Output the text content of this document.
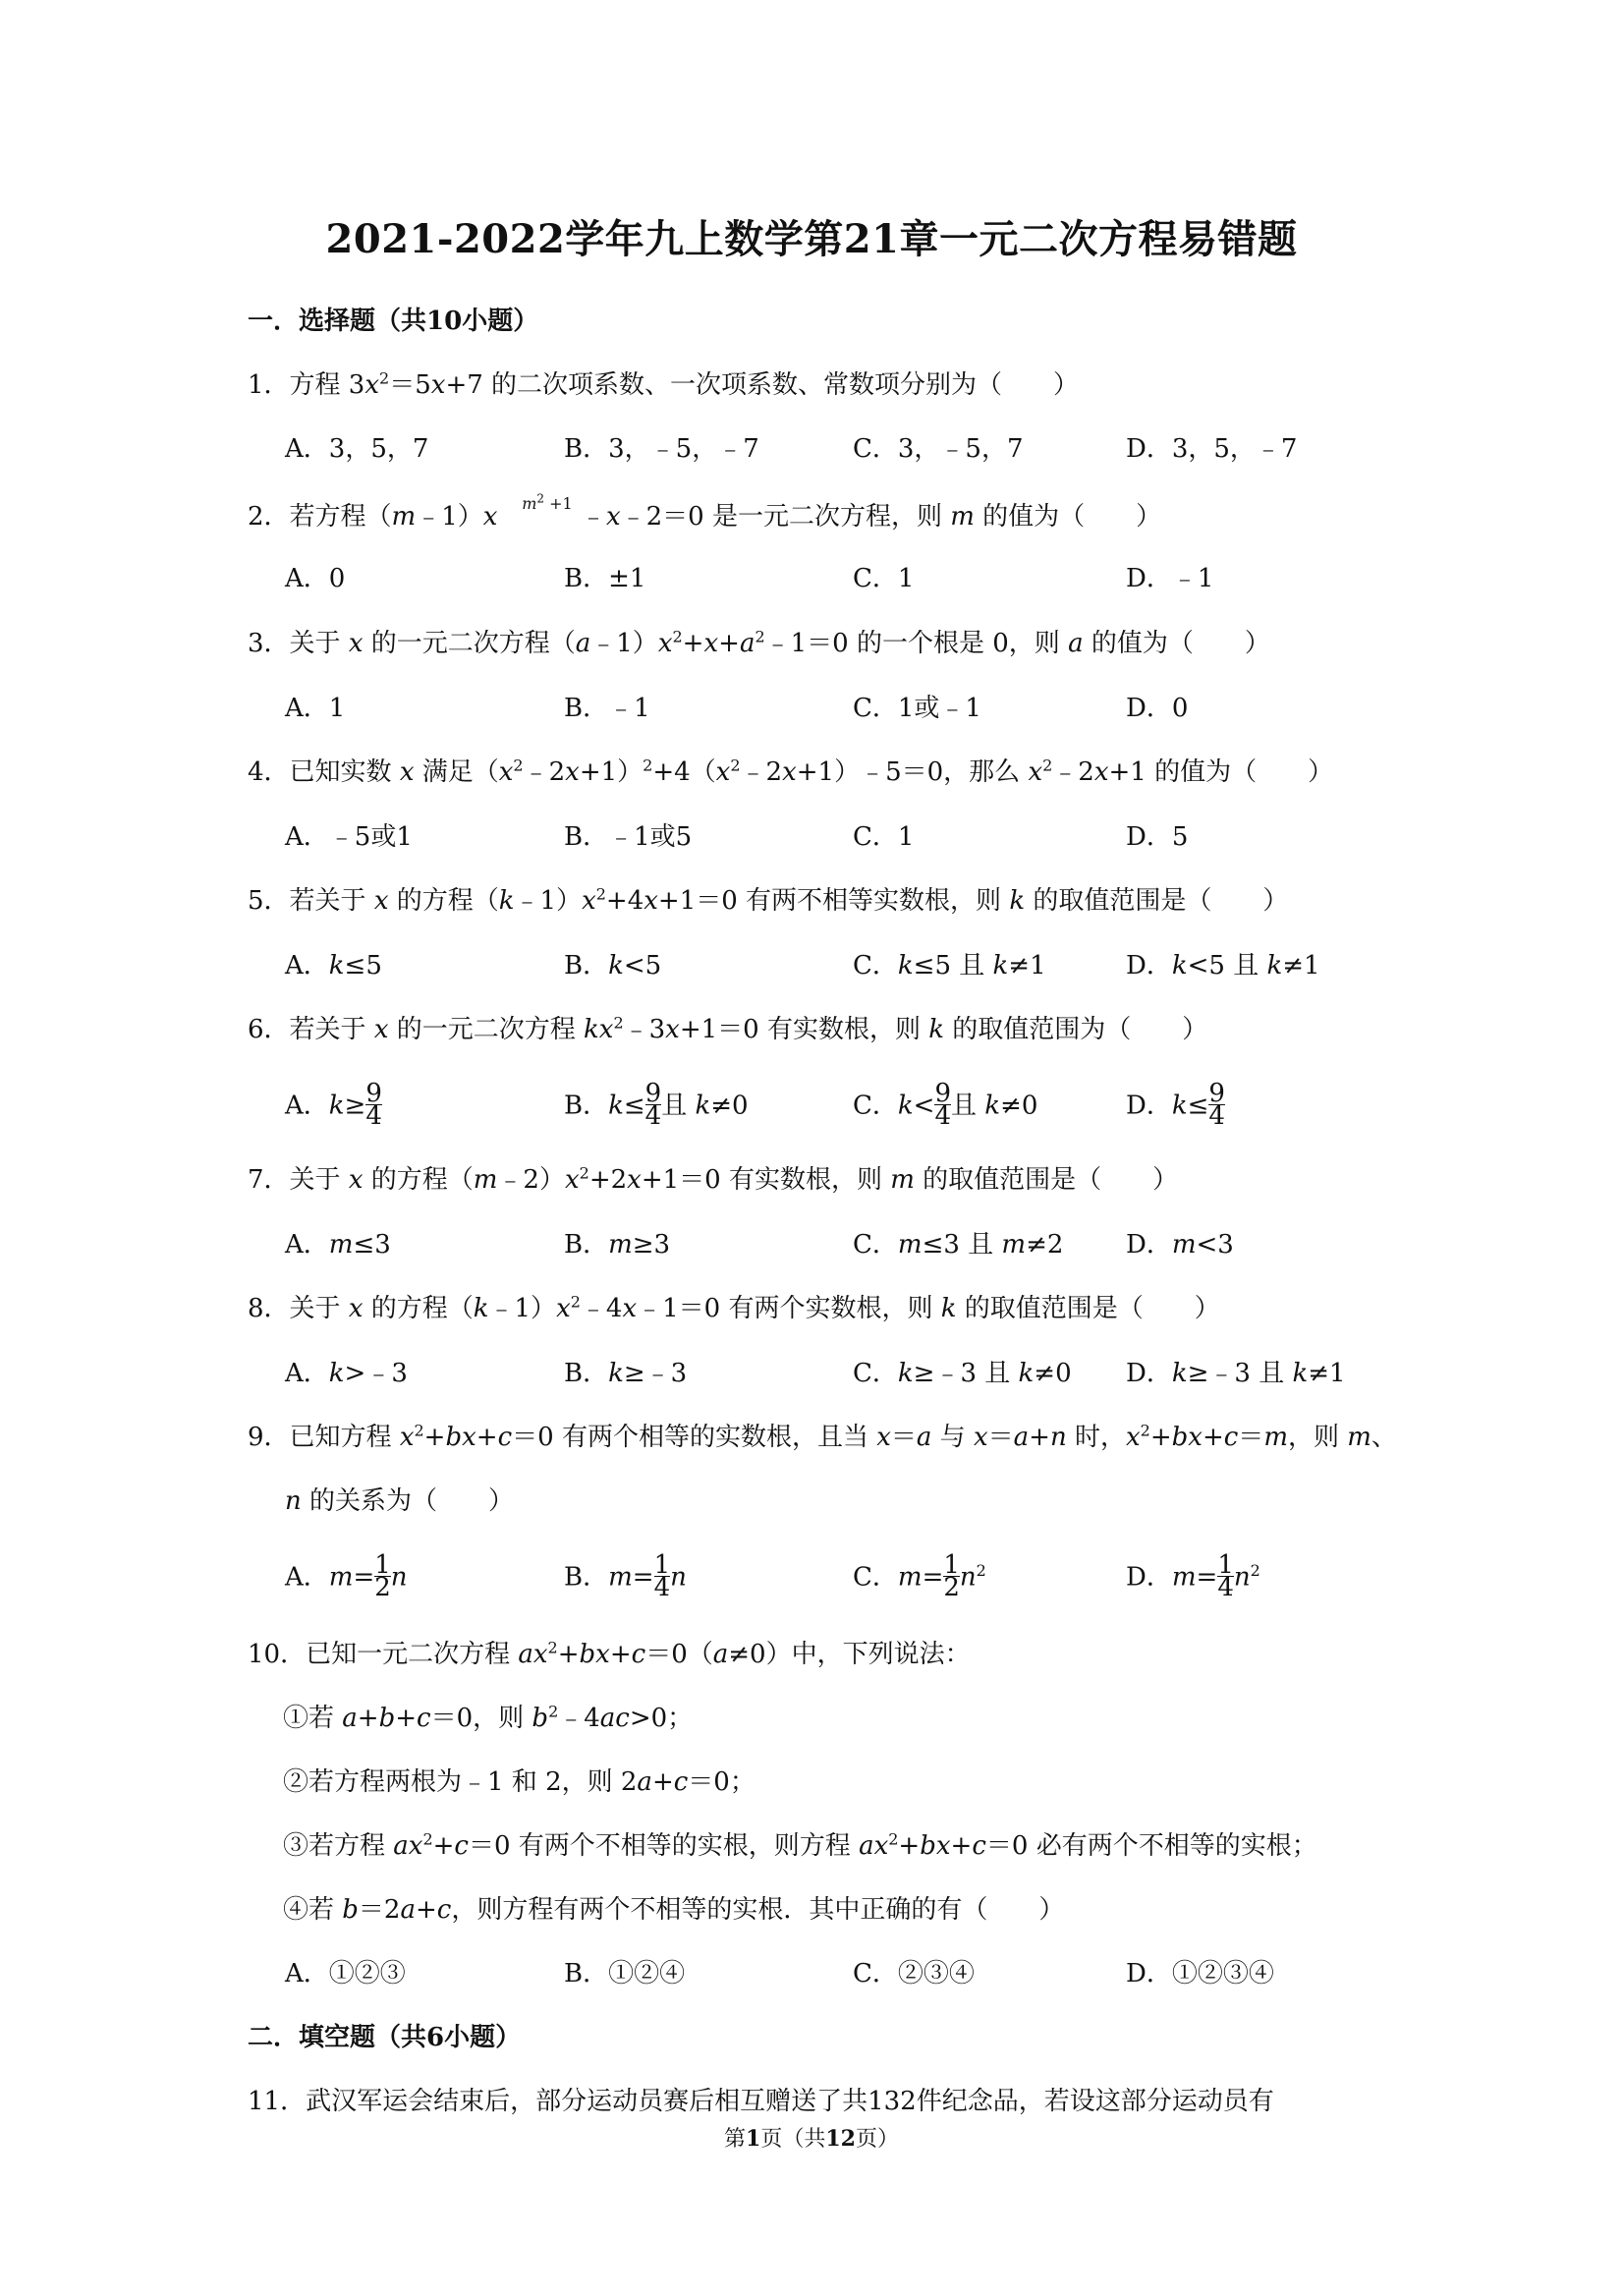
2021-2022学年九上数学第21章一元二次方程易错题
一．选择题（共10小题）
1．方程 $3x^2=5x+7$ 的二次项系数、一次项系数、常数项分别为（　　）
A．3，5，7	B．3，﹣5，﹣7	C．3，﹣5，7	D．3，5，﹣7
2．若方程（m﹣1）x $^{m^2 +1}$ ﹣x﹣2＝0 是一元二次方程，则 m 的值为（　　）
A．0	B．±1	C．1	D．﹣1
3．关于 x 的一元二次方程$(a﹣1)x^2+x+a^2﹣1=0$ 的一个根是 0，则 a 的值为（　　）
A．1	B．﹣1	C．1或﹣1	D．0
4．已知实数 x 满足$(x^2﹣2x+1)^2+4(x^2﹣2x+1)﹣5=0$，那么 $x^2﹣2x+1$ 的值为（　　）
A．﹣5或1	B．﹣1或5	C．1	D．5
5．若关于 x 的方程$(k﹣1)x^2+4x+1=0$ 有两不相等实数根，则 k 的取值范围是（　　）
A．k≤5	B．k<5	C．k≤5 且 k≠1	D．k<5 且 k≠1
6．若关于 x 的一元二次方程 $kx^2﹣3x+1=0$ 有实数根，则 k 的取值范围为（　　）
A．$k\ge \frac{9}{4}$	B．$k\le \frac{9}{4}$ 且 k≠0	C．$k< \frac{9}{4}$ 且 k≠0	D．$k\le \frac{9}{4}$
7．关于 x 的方程$(m﹣2)x^2+2x+1=0$ 有实数根，则 m 的取值范围是（　　）
A．m≤3	B．m≥3	C．m≤3 且 m≠2 D．m<3
8．关于 x 的方程$(k﹣1)x^2﹣4x﹣1=0$ 有两个实数根，则 k 的取值范围是（　　）
A．k>﹣3	B．k≥﹣3	C．k≥﹣3 且 k≠0 D．k≥﹣3 且 k≠1
9．已知方程 $x^2+bx+c=0$ 有两个相等的实数根，且当 x＝a 与 x＝a+n 时，$x^2+bx+c=m$，则 m、
n 的关系为（　　）
A．$m= \frac{1}{2}$ n	B．$m= \frac{1}{4}$ n	C．$m= \frac{1}{2} n^2$	D．$m= \frac{1}{4} n^2$
10．已知一元二次方程 $ax^2+bx+c=0(a\ne 0)$中，下列说法：
①若 a+b+c＝0，则 $b^2﹣4ac>0$；
②若方程两根为﹣1 和 2，则 2a+c＝0；
③若方程 $ax^2+c=0$ 有两个不相等的实根，则方程 $ax^2+bx+c=0$ 必有两个不相等的实根；
④若 b＝2a+c，则方程有两个不相等的实根．其中正确的有（　　）
A．①②③	B．①②④	C．②③④	D．①②③④
二．填空题（共6小题）
11．武汉军运会结束后，部分运动员赛后相互赠送了共132件纪念品，若设这部分运动员有
第1页（共12页）
